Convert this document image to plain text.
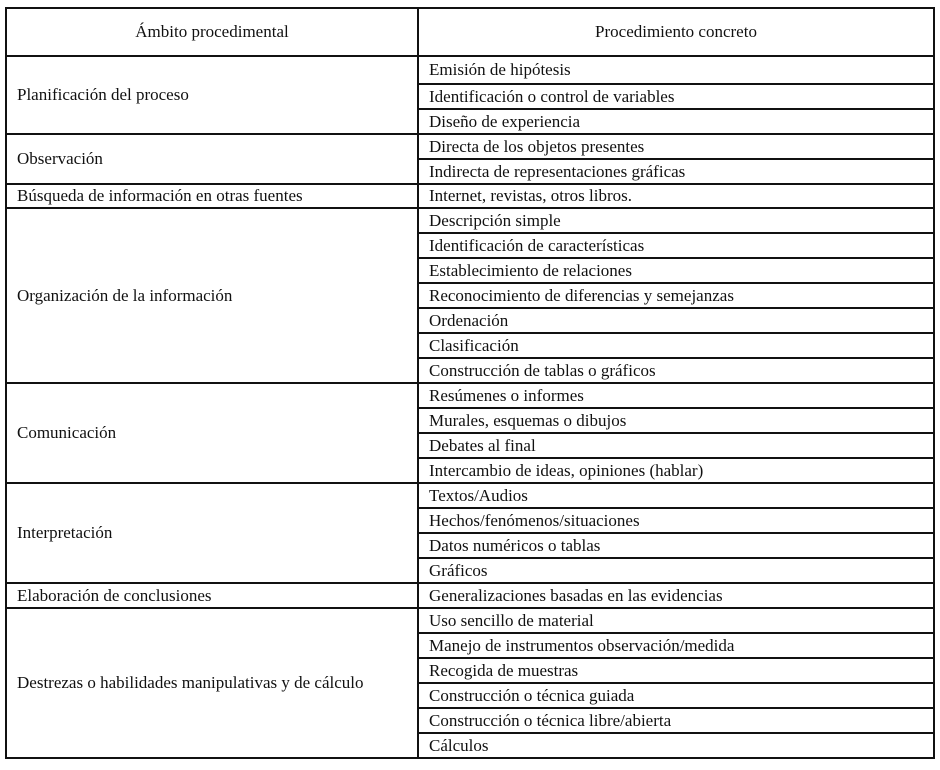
Ámbito procedimental	Procedimiento concreto
Planificación del proceso	Emisión de hipótesis
	Identificación o control de variables
	Diseño de experiencia
Observación	Directa de los objetos presentes
	Indirecta de representaciones gráficas
Búsqueda de información en otras fuentes	Internet, revistas, otros libros.
Organización de la información	Descripción simple
	Identificación de características
	Establecimiento de relaciones
	Reconocimiento de diferencias y semejanzas
	Ordenación
	Clasificación
	Construcción de tablas o gráficos
Comunicación	Resúmenes o informes
	Murales, esquemas o dibujos
	Debates al final
	Intercambio de ideas, opiniones (hablar)
Interpretación	Textos/Audios
	Hechos/fenómenos/situaciones
	Datos numéricos o tablas
	Gráficos
Elaboración de conclusiones	Generalizaciones basadas en las evidencias
Destrezas o habilidades manipulativas y de cálculo	Uso sencillo de material
	Manejo de instrumentos observación/medida
	Recogida de muestras
	Construcción o técnica guiada
	Construcción o técnica libre/abierta
	Cálculos
